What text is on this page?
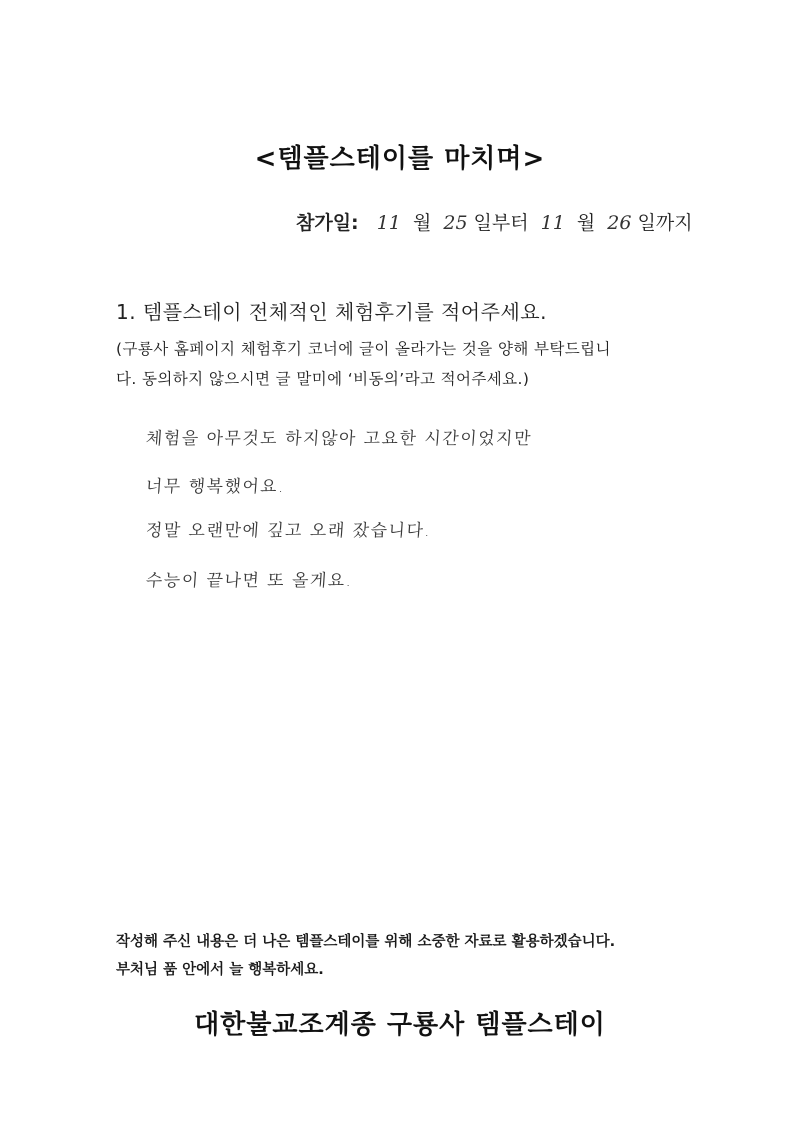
<템플스테이를 마치며>
참가일: 11 월 25 일부터 11 월 26 일까지
1. 템플스테이 전체적인 체험후기를 적어주세요.
(구룡사 홈페이지 체험후기 코너에 글이 올라가는 것을 양해 부탁드립니
다. 동의하지 않으시면 글 말미에 ‘비동의’라고 적어주세요.)
체험을 아무것도 하지않아 고요한 시간이었지만
너무 행복했어요.
정말 오랜만에 깊고 오래 잤습니다.
수능이 끝나면 또 올게요.
작성해 주신 내용은 더 나은 템플스테이를 위해 소중한 자료로 활용하겠습니다.
부처님 품 안에서 늘 행복하세요.
대한불교조계종 구룡사 템플스테이
